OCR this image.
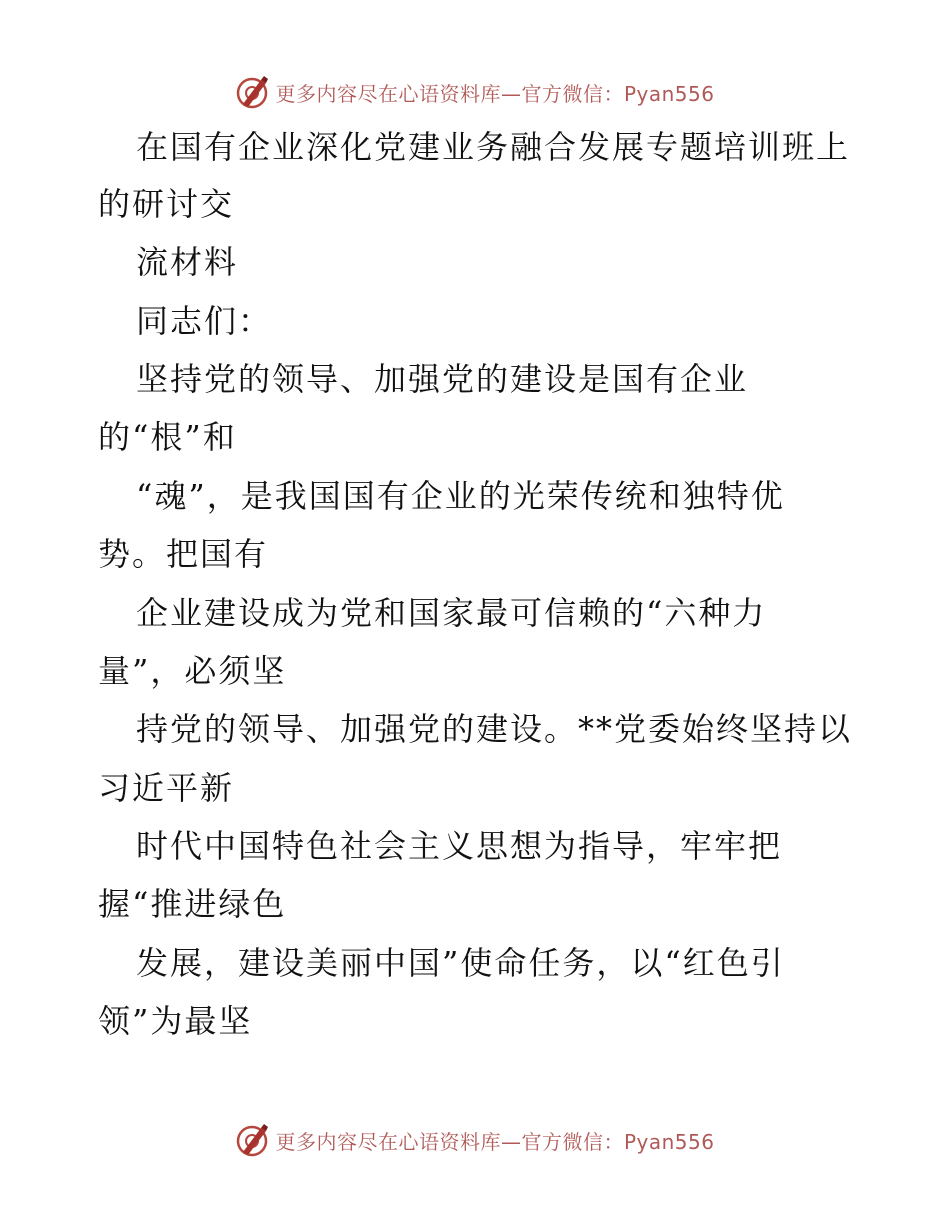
更多内容尽在心语资料库—官方微信：Pyan556
在国有企业深化党建业务融合发展专题培训班上
的研讨交
流材料
同志们：
坚持党的领导、加强党的建设是国有企业
的“根”和
“魂”，是我国国有企业的光荣传统和独特优
势。把国有
企业建设成为党和国家最可信赖的“六种力
量”，必须坚
持党的领导、加强党的建设。**党委始终坚持以
习近平新
时代中国特色社会主义思想为指导，牢牢把
握“推进绿色
发展，建设美丽中国”使命任务，以“红色引
领”为最坚
更多内容尽在心语资料库—官方微信：Pyan556
